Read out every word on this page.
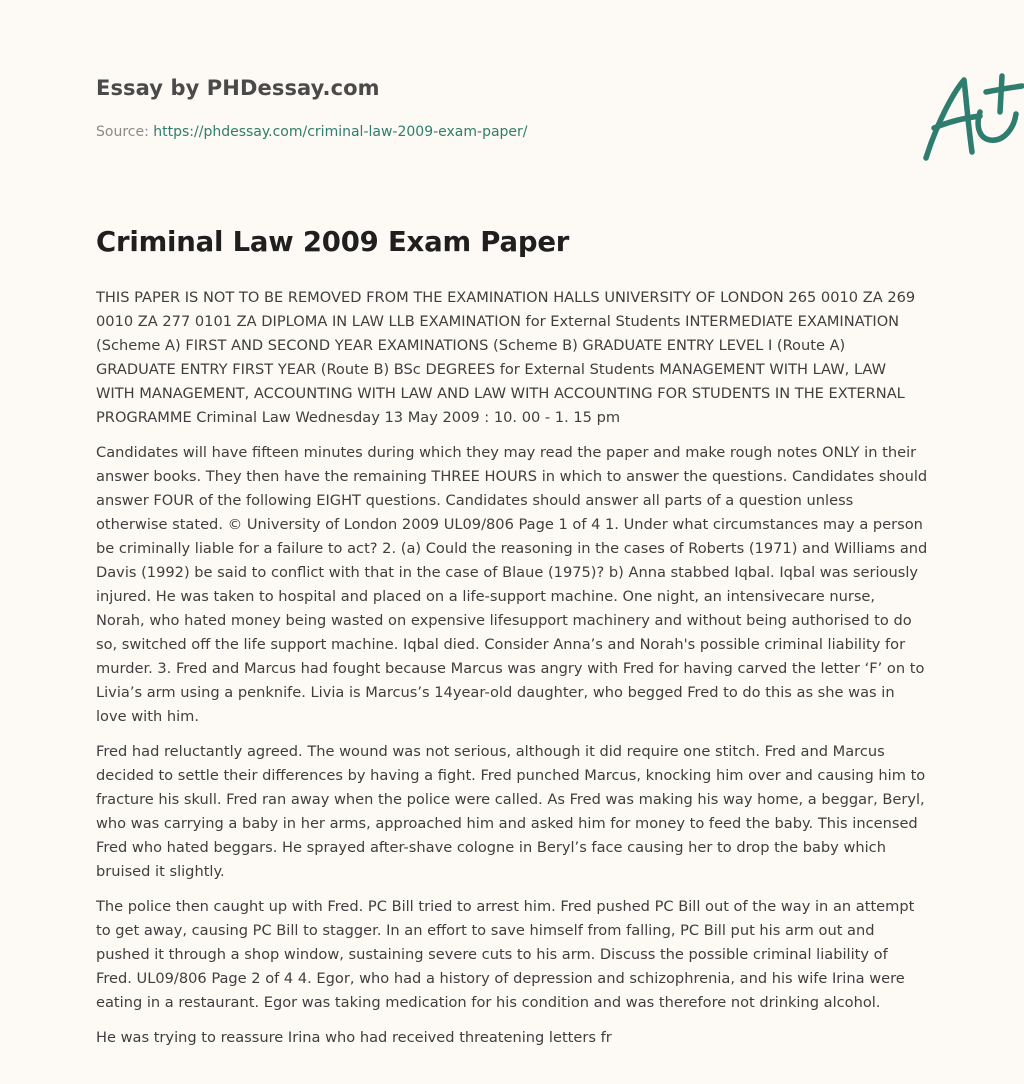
Essay by PHDessay.com
Source: https://phdessay.com/criminal-law-2009-exam-paper/
Criminal Law 2009 Exam Paper

THIS PAPER IS NOT TO BE REMOVED FROM THE EXAMINATION HALLS UNIVERSITY OF LONDON 265 0010 ZA 269 0010 ZA 277 0101 ZA DIPLOMA IN LAW LLB EXAMINATION for External Students INTERMEDIATE EXAMINATION (Scheme A) FIRST AND SECOND YEAR EXAMINATIONS (Scheme B) GRADUATE ENTRY LEVEL I (Route A) GRADUATE ENTRY FIRST YEAR (Route B) BSc DEGREES for External Students MANAGEMENT WITH LAW, LAW WITH MANAGEMENT, ACCOUNTING WITH LAW AND LAW WITH ACCOUNTING FOR STUDENTS IN THE EXTERNAL PROGRAMME Criminal Law Wednesday 13 May 2009 : 10. 00 - 1. 15 pm

Candidates will have fifteen minutes during which they may read the paper and make rough notes ONLY in their answer books. They then have the remaining THREE HOURS in which to answer the questions. Candidates should answer FOUR of the following EIGHT questions. Candidates should answer all parts of a question unless otherwise stated. © University of London 2009 UL09/806 Page 1 of 4 1. Under what circumstances may a person be criminally liable for a failure to act? 2. (a) Could the reasoning in the cases of Roberts (1971) and Williams and Davis (1992) be said to conflict with that in the case of Blaue (1975)? b) Anna stabbed Iqbal. Iqbal was seriously injured. He was taken to hospital and placed on a life-support machine. One night, an intensivecare nurse, Norah, who hated money being wasted on expensive lifesupport machinery and without being authorised to do so, switched off the life support machine. Iqbal died. Consider Anna’s and Norah's possible criminal liability for murder. 3. Fred and Marcus had fought because Marcus was angry with Fred for having carved the letter ‘F’ on to Livia’s arm using a penknife. Livia is Marcus’s 14year-old daughter, who begged Fred to do this as she was in love with him.

Fred had reluctantly agreed. The wound was not serious, although it did require one stitch. Fred and Marcus decided to settle their differences by having a fight. Fred punched Marcus, knocking him over and causing him to fracture his skull. Fred ran away when the police were called. As Fred was making his way home, a beggar, Beryl, who was carrying a baby in her arms, approached him and asked him for money to feed the baby. This incensed Fred who hated beggars. He sprayed after-shave cologne in Beryl’s face causing her to drop the baby which bruised it slightly.

The police then caught up with Fred. PC Bill tried to arrest him. Fred pushed PC Bill out of the way in an attempt to get away, causing PC Bill to stagger. In an effort to save himself from falling, PC Bill put his arm out and pushed it through a shop window, sustaining severe cuts to his arm. Discuss the possible criminal liability of Fred. UL09/806 Page 2 of 4 4. Egor, who had a history of depression and schizophrenia, and his wife Irina were eating in a restaurant. Egor was taking medication for his condition and was therefore not drinking alcohol.

He was trying to reassure Irina who had received threatening letters fr
